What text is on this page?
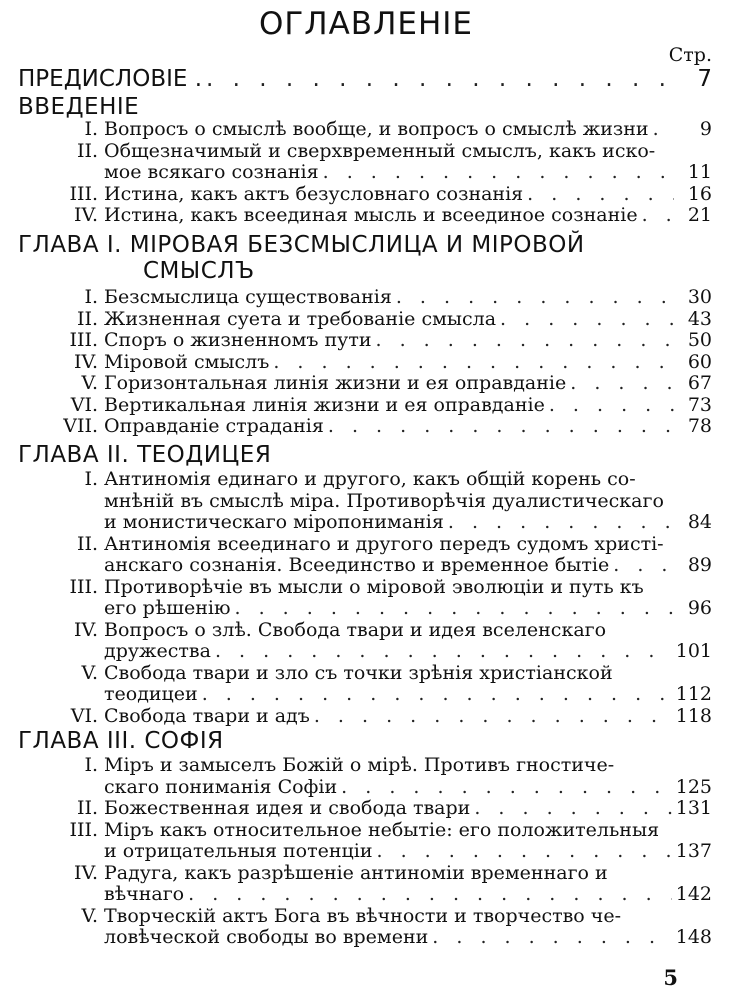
ОГЛАВЛЕНІЕ
Стр.
ПРЕДИСЛОВІЕ . . . .	7
ВВЕДЕНІЕ
I. Вопросъ о смыслѣ вообще, и вопросъ о смыслѣ жизни . . .	9
II. Общезначимый и сверхвременный смыслъ, какъ иско-
мое всякаго сознанія . . .	11
III. Истина, какъ актъ безусловнаго сознанія . . .	16
IV. Истина, какъ всеединая мысль и всеединое сознаніе . . .	21
ГЛАВА I. МІРОВАЯ БЕЗСМЫСЛИЦА И МІРОВОЙ
СМЫСЛЪ
I. Безсмыслица существованія . . .	30
II. Жизненная суета и требованіе смысла . . .	43
III. Споръ о жизненномъ пути . . .	50
IV. Міровой смыслъ . . .	60
V. Горизонтальная линія жизни и ея оправданіе . . .	67
VI. Вертикальная линія жизни и ея оправданіе . . .	73
VII. Оправданіе страданія . . .	78
ГЛАВА II. ТЕОДИЦЕЯ
I. Антиномія единаго и другого, какъ общій корень со-
мнѣній въ смыслѣ міра. Противорѣчія дуалистическаго
и монистическаго міропониманія . . .	84
II. Антиномія всеединаго и другого передъ судомъ христі-
анскаго сознанія. Всеединство и временное бытіе . . .	89
III. Противорѣчіе въ мысли о міровой эволюціи и путь къ
его рѣшенію . . .	96
IV. Вопросъ о злѣ. Свобода твари и идея вселенскаго
дружества . . .	101
V. Свобода твари и зло съ точки зрѣнія христіанской
теодицеи . . .	112
VI. Свобода твари и адъ . . .	118
ГЛАВА III. СОФІЯ
I. Міръ и замыселъ Божій о мірѣ. Противъ гностиче-
скаго пониманія Софіи . . .	125
II. Божественная идея и свобода твари . . .	131
III. Міръ какъ относительное небытіе: его положительныя
и отрицательныя потенціи . . .	137
IV. Радуга, какъ разрѣшеніе антиноміи временнаго и
вѣчнаго . . .	142
V. Творческій актъ Бога въ вѣчности и творчество че-
ловѣческой свободы во времени . . .	148
5
